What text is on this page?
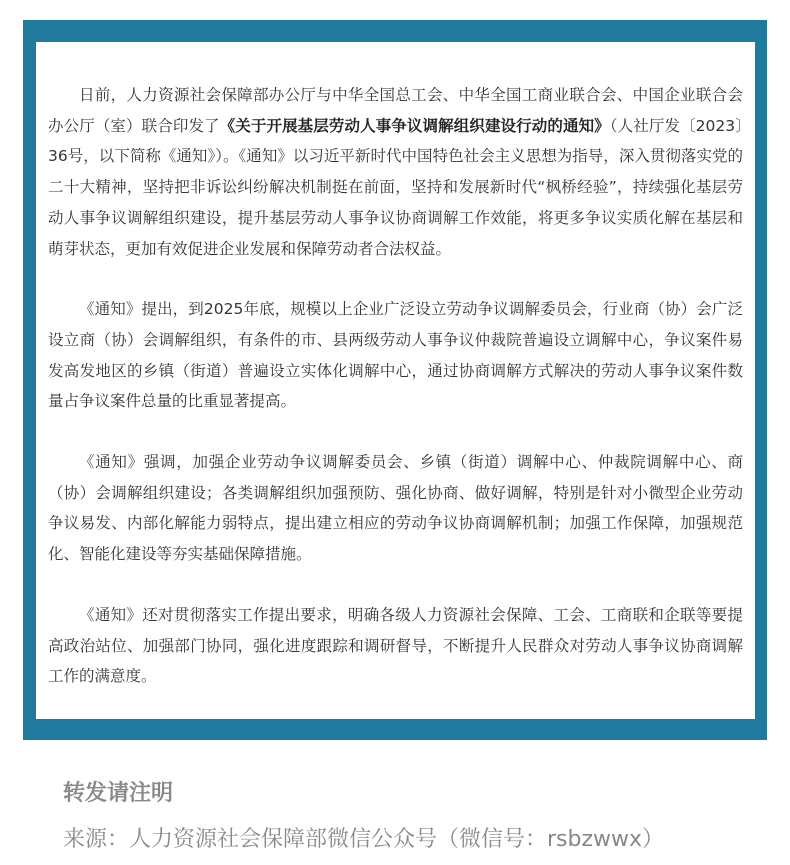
日前，人力资源社会保障部办公厅与中华全国总工会、中华全国工商业联合会、中国企业联合会办公厅（室）联合印发了《关于开展基层劳动人事争议调解组织建设行动的通知》（人社厅发〔2023〕36号，以下简称《通知》）。《通知》以习近平新时代中国特色社会主义思想为指导，深入贯彻落实党的二十大精神，坚持把非诉讼纠纷解决机制挺在前面，坚持和发展新时代“枫桥经验”，持续强化基层劳动人事争议调解组织建设，提升基层劳动人事争议协商调解工作效能，将更多争议实质化解在基层和萌芽状态，更加有效促进企业发展和保障劳动者合法权益。

《通知》提出，到2025年底，规模以上企业广泛设立劳动争议调解委员会，行业商（协）会广泛设立商（协）会调解组织，有条件的市、县两级劳动人事争议仲裁院普遍设立调解中心，争议案件易发高发地区的乡镇（街道）普遍设立实体化调解中心，通过协商调解方式解决的劳动人事争议案件数量占争议案件总量的比重显著提高。

《通知》强调，加强企业劳动争议调解委员会、乡镇（街道）调解中心、仲裁院调解中心、商（协）会调解组织建设；各类调解组织加强预防、强化协商、做好调解，特别是针对小微型企业劳动争议易发、内部化解能力弱特点，提出建立相应的劳动争议协商调解机制；加强工作保障，加强规范化、智能化建设等夯实基础保障措施。

《通知》还对贯彻落实工作提出要求，明确各级人力资源社会保障、工会、工商联和企联等要提高政治站位、加强部门协同，强化进度跟踪和调研督导，不断提升人民群众对劳动人事争议协商调解工作的满意度。

转发请注明

来源：人力资源社会保障部微信公众号（微信号：rsbzwwx）
